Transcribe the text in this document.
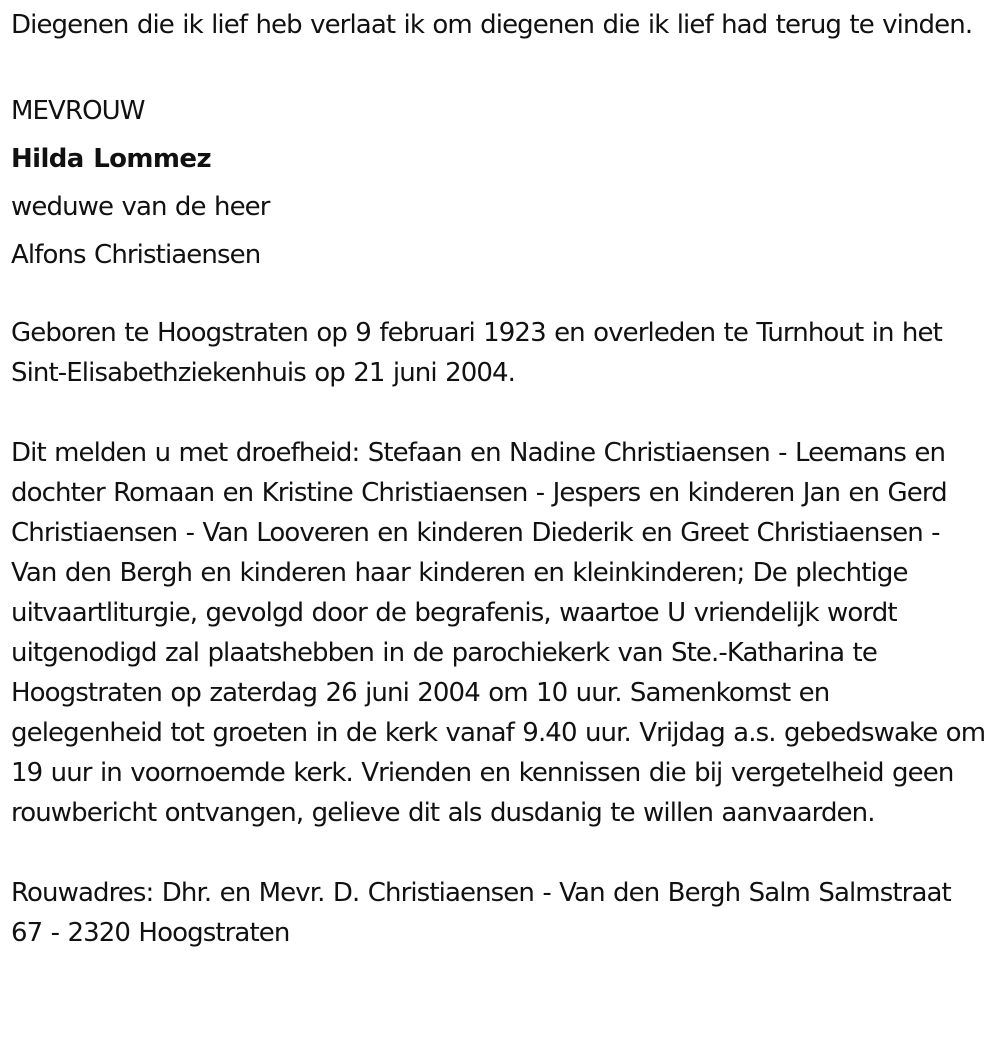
Diegenen die ik lief heb verlaat ik om diegenen die ik lief had terug te vinden.

MEVROUW

Hilda Lommez

weduwe van de heer

Alfons Christiaensen

Geboren te Hoogstraten op 9 februari 1923 en overleden te Turnhout in het Sint-Elisabethziekenhuis op 21 juni 2004.

Dit melden u met droefheid: Stefaan en Nadine Christiaensen - Leemans en dochter Romaan en Kristine Christiaensen - Jespers en kinderen Jan en Gerd Christiaensen - Van Looveren en kinderen Diederik en Greet Christiaensen - Van den Bergh en kinderen haar kinderen en kleinkinderen; De plechtige uitvaartliturgie, gevolgd door de begrafenis, waartoe U vriendelijk wordt uitgenodigd zal plaatshebben in de parochiekerk van Ste.-Katharina te Hoogstraten op zaterdag 26 juni 2004 om 10 uur. Samenkomst en gelegenheid tot groeten in de kerk vanaf 9.40 uur. Vrijdag a.s. gebedswake om 19 uur in voornoemde kerk. Vrienden en kennissen die bij vergetelheid geen rouwbericht ontvangen, gelieve dit als dusdanig te willen aanvaarden.

Rouwadres: Dhr. en Mevr. D. Christiaensen - Van den Bergh Salm Salmstraat 67 - 2320 Hoogstraten
